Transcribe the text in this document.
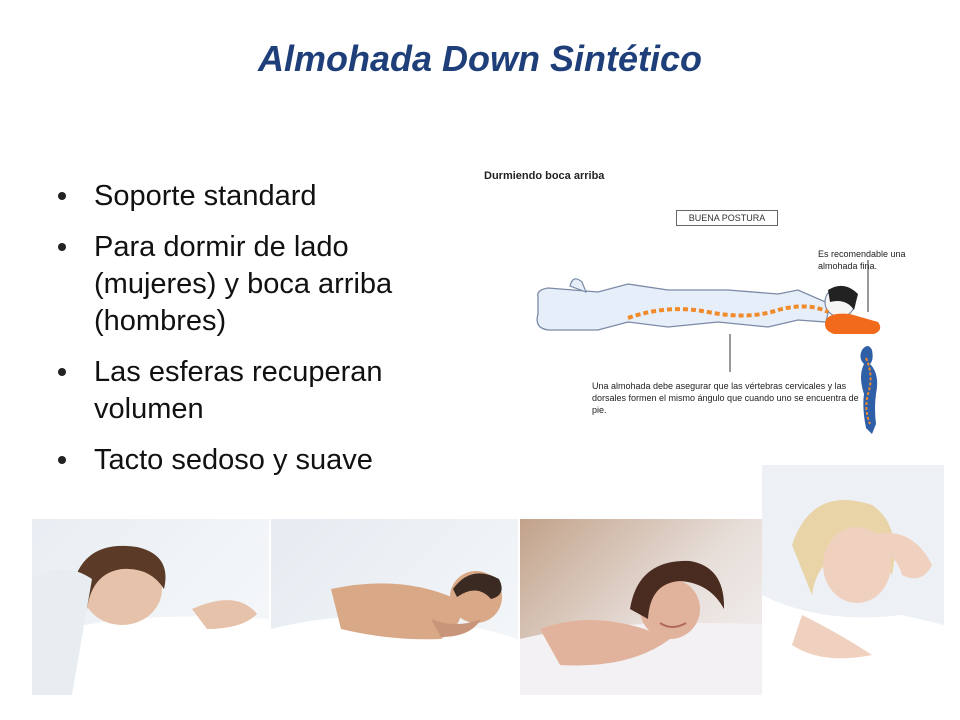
Almohada Down Sintético
Soporte standard
Para dormir de lado (mujeres) y boca arriba (hombres)
Las esferas recuperan volumen
Tacto sedoso y suave
Durmiendo boca arriba
BUENA POSTURA
Es recomendable una almohada fina.
Una almohada debe asegurar que las vértebras cervicales y las dorsales formen el mismo ángulo que cuando uno se encuentra de pie.
